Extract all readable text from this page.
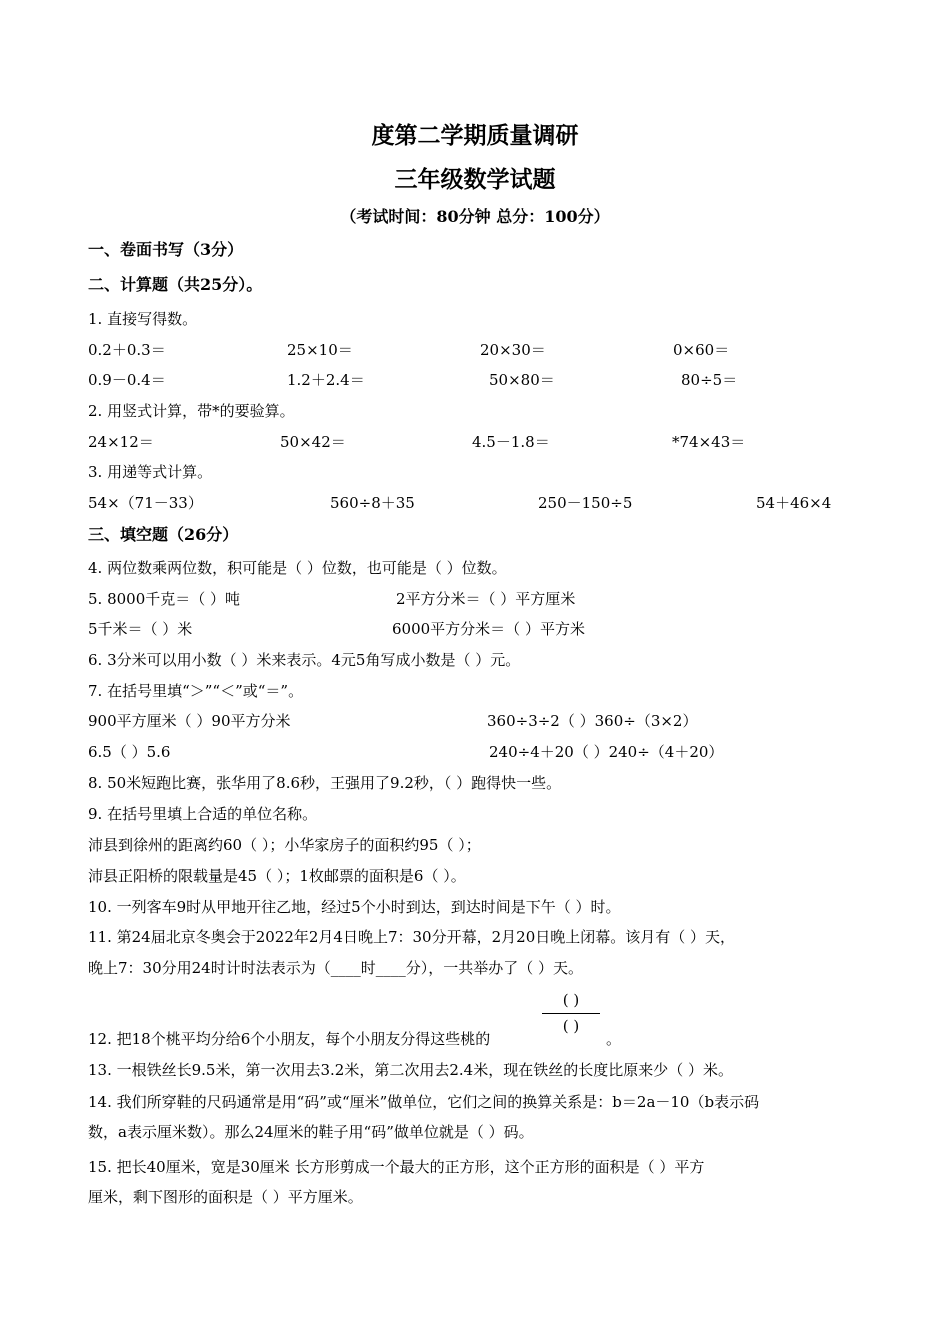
度第二学期质量调研
三年级数学试题
（考试时间：80分钟 总分：100分）
一、卷面书写（3分）
二、计算题（共25分）。
1. 直接写得数。
0.2＋0.3＝	25×10＝	20×30＝	0×60＝
0.9－0.4＝	1.2＋2.4＝	50×80＝	80÷5＝
2. 用竖式计算，带*的要验算。
24×12＝	50×42＝	4.5－1.8＝	*74×43＝
3. 用递等式计算。
54×（71－33）	560÷8＋35	250－150÷5	54＋46×4
三、填空题（26分）
4. 两位数乘两位数，积可能是（ ）位数，也可能是（ ）位数。
5. 8000千克＝（ ）吨	2平方分米＝（ ）平方厘米
5千米＝（ ）米	6000平方分米＝（ ）平方米
6. 3分米可以用小数（ ）米来表示。4元5角写成小数是（ ）元。
7. 在括号里填“＞”“＜”或“＝”。
900平方厘米（ ）90平方分米	360÷3÷2（ ）360÷（3×2）
6.5（ ）5.6	240÷4＋20（ ）240÷（4＋20）
8. 50米短跑比赛，张华用了8.6秒，王强用了9.2秒，（ ）跑得快一些。
9. 在括号里填上合适的单位名称。
沛县到徐州的距离约60（ ）；小华家房子的面积约95（ ）；
沛县正阳桥的限载量是45（ ）；1枚邮票的面积是6（ ）。
10. 一列客车9时从甲地开往乙地，经过5个小时到达，到达时间是下午（ ）时。
11. 第24届北京冬奥会于2022年2月4日晚上7：30分开幕，2月20日晚上闭幕。该月有（ ）天，
晚上7：30分用24时计时法表示为（____时____分），一共举办了（ ）天。
12. 把18个桃平均分给6个小朋友，每个小朋友分得这些桃的
( )
( )
。
13. 一根铁丝长9.5米，第一次用去3.2米，第二次用去2.4米，现在铁丝的长度比原来少（ ）米。
14. 我们所穿鞋的尺码通常是用“码”或“厘米”做单位，它们之间的换算关系是：b＝2a－10（b表示码
数，a表示厘米数）。那么24厘米的鞋子用“码”做单位就是（ ）码。
15. 把长40厘米，宽是30厘米 长方形剪成一个最大的正方形，这个正方形的面积是（ ）平方
厘米，剩下图形的面积是（ ）平方厘米。
